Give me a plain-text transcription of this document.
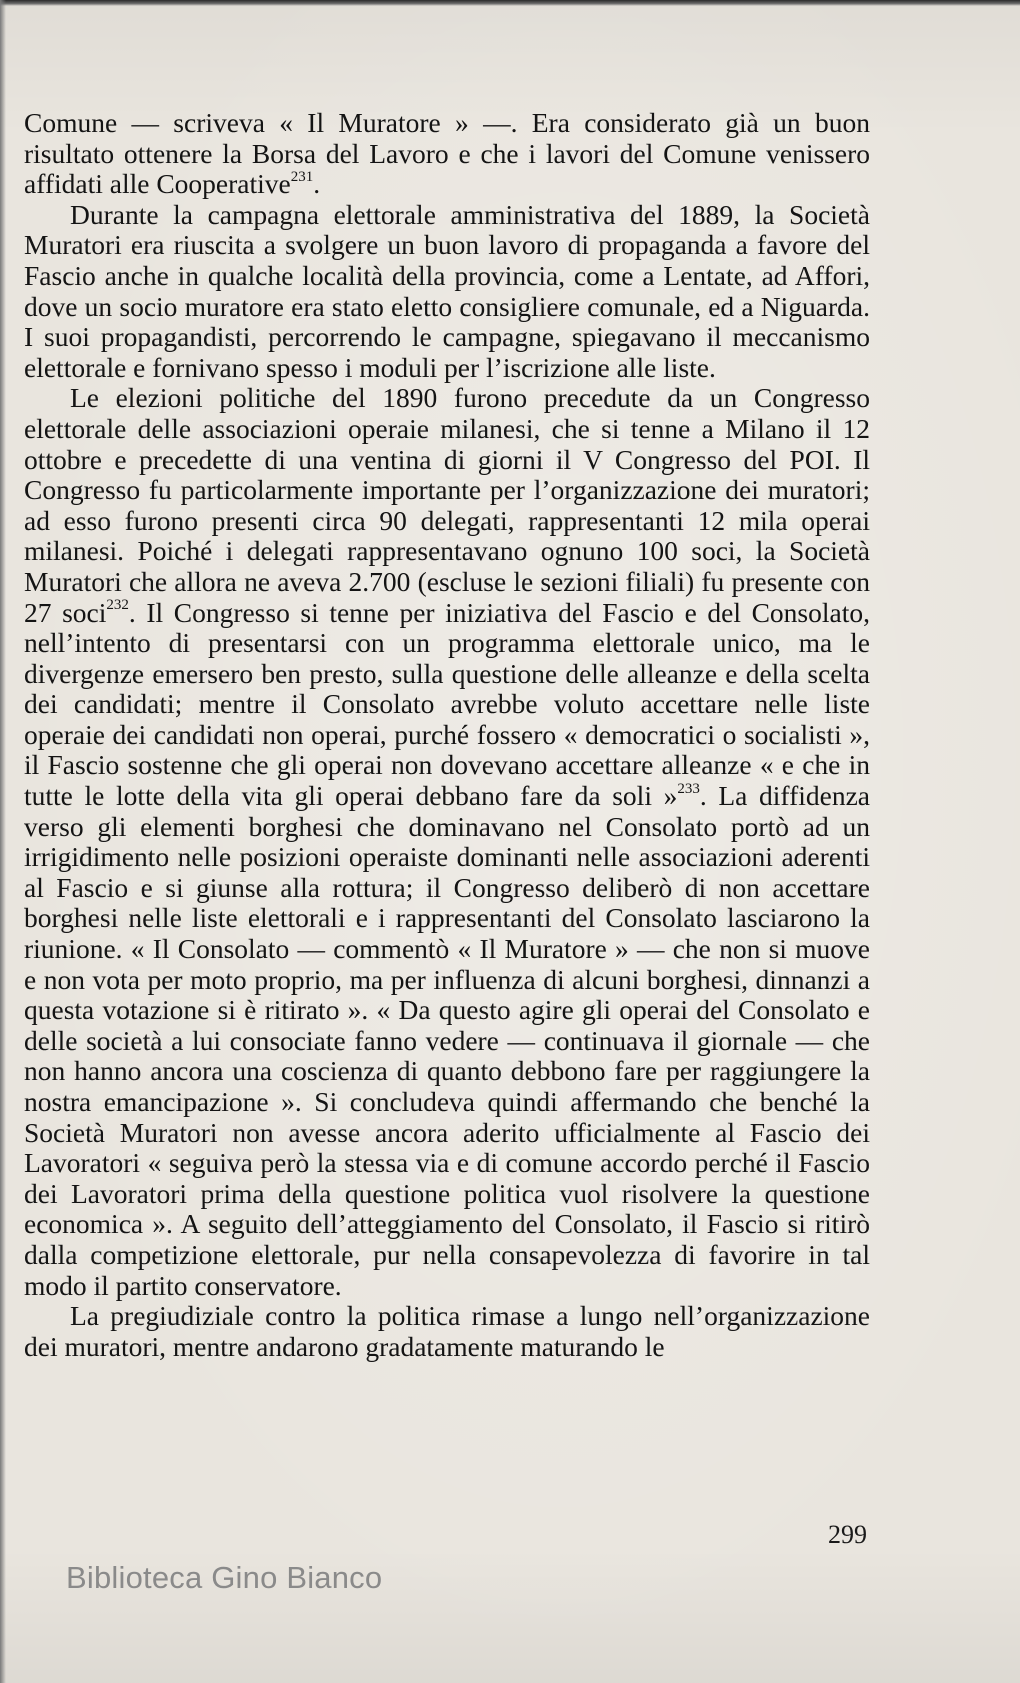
Comune — scriveva « Il Muratore » —. Era considerato già un buon risultato ottenere la Borsa del Lavoro e che i lavori del Comune venissero affidati alle Cooperative$^{231}$.

Durante la campagna elettorale amministrativa del 1889, la Società Muratori era riuscita a svolgere un buon lavoro di propaganda a favore del Fascio anche in qualche località della provincia, come a Lentate, ad Affori, dove un socio muratore era stato eletto consigliere comunale, ed a Niguarda. I suoi propagandisti, percorrendo le campagne, spiegavano il meccanismo elettorale e fornivano spesso i moduli per l’iscrizione alle liste.

Le elezioni politiche del 1890 furono precedute da un Congresso elettorale delle associazioni operaie milanesi, che si tenne a Milano il 12 ottobre e precedette di una ventina di giorni il V Congresso del POI. Il Congresso fu particolarmente importante per l’organizzazione dei muratori; ad esso furono presenti circa 90 delegati, rappresentanti 12 mila operai milanesi. Poiché i delegati rappresentavano ognuno 100 soci, la Società Muratori che allora ne aveva 2.700 (escluse le sezioni filiali) fu presente con 27 soci$^{232}$. Il Congresso si tenne per iniziativa del Fascio e del Consolato, nell’intento di presentarsi con un programma elettorale unico, ma le divergenze emersero ben presto, sulla questione delle alleanze e della scelta dei candidati; mentre il Consolato avrebbe voluto accettare nelle liste operaie dei candidati non operai, purché fossero « democratici o socialisti », il Fascio sostenne che gli operai non dovevano accettare alleanze « e che in tutte le lotte della vita gli operai debbano fare da soli »$^{233}$. La diffidenza verso gli elementi borghesi che dominavano nel Consolato portò ad un irrigidimento nelle posizioni operaiste dominanti nelle associazioni aderenti al Fascio e si giunse alla rottura; il Congresso deliberò di non accettare borghesi nelle liste elettorali e i rappresentanti del Consolato lasciarono la riunione. « Il Consolato — commentò « Il Muratore » — che non si muove e non vota per moto proprio, ma per influenza di alcuni borghesi, dinnanzi a questa votazione si è ritirato ». « Da questo agire gli operai del Consolato e delle società a lui consociate fanno vedere — continuava il giornale — che non hanno ancora una coscienza di quanto debbono fare per raggiungere la nostra emancipazione ». Si concludeva quindi affermando che benché la Società Muratori non avesse ancora aderito ufficialmente al Fascio dei Lavoratori « seguiva però la stessa via e di comune accordo perché il Fascio dei Lavoratori prima della questione politica vuol risolvere la questione economica ». A seguito dell’atteggiamento del Consolato, il Fascio si ritirò dalla competizione elettorale, pur nella consapevolezza di favorire in tal modo il partito conservatore.

La pregiudiziale contro la politica rimase a lungo nell’organizzazione dei muratori, mentre andarono gradatamente maturando le

299
Biblioteca Gino Bianco
